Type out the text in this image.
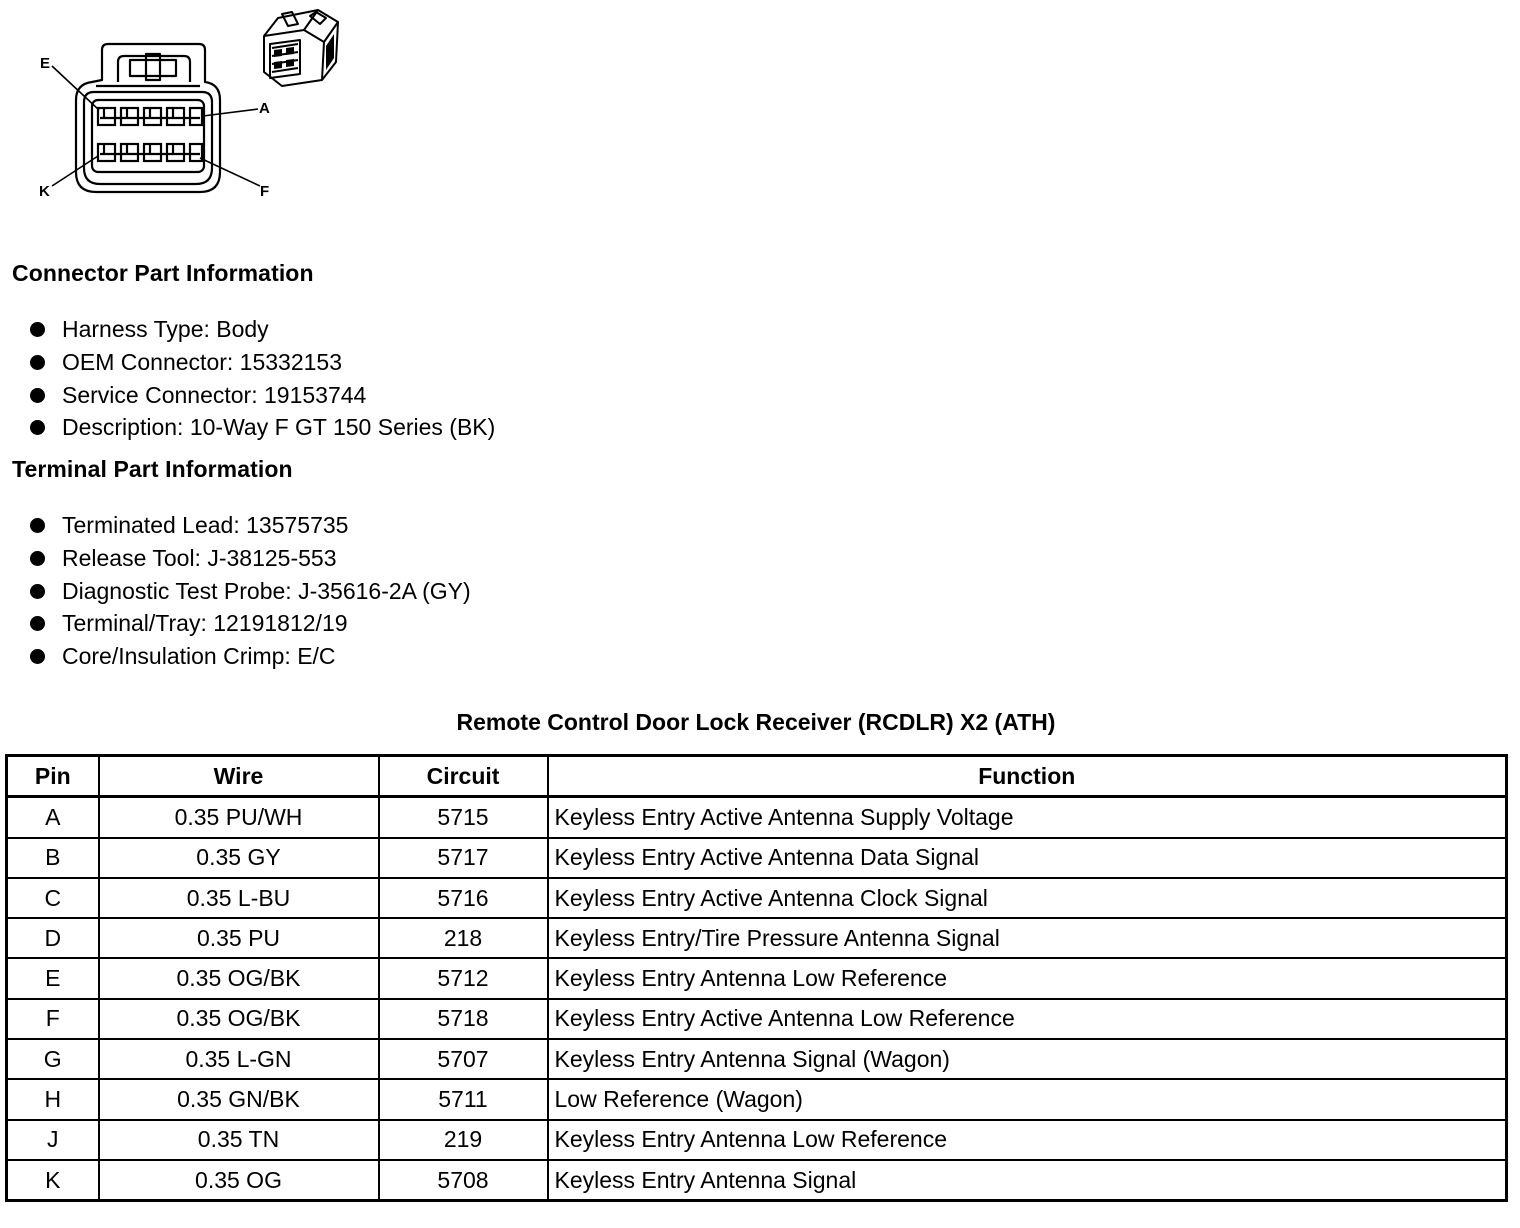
E
A
K	F
Connector Part Information
Harness Type: Body
OEM Connector: 15332153
Service Connector: 19153744
Description: 10-Way F GT 150 Series (BK)
Terminal Part Information
Terminated Lead: 13575735
Release Tool: J-38125-553
Diagnostic Test Probe: J-35616-2A (GY)
Terminal/Tray: 12191812/19
Core/Insulation Crimp: E/C
Remote Control Door Lock Receiver (RCDLR) X2 (ATH)
Pin	Wire	Circuit	Function
A	0.35 PU/WH	5715	Keyless Entry Active Antenna Supply Voltage
B	0.35 GY	5717	Keyless Entry Active Antenna Data Signal
C	0.35 L-BU	5716	Keyless Entry Active Antenna Clock Signal
D	0.35 PU	218	Keyless Entry/Tire Pressure Antenna Signal
E	0.35 OG/BK	5712	Keyless Entry Antenna Low Reference
F	0.35 OG/BK	5718	Keyless Entry Active Antenna Low Reference
G	0.35 L-GN	5707	Keyless Entry Antenna Signal (Wagon)
H	0.35 GN/BK	5711	Low Reference (Wagon)
J	0.35 TN	219	Keyless Entry Antenna Low Reference
K	0.35 OG	5708	Keyless Entry Antenna Signal
